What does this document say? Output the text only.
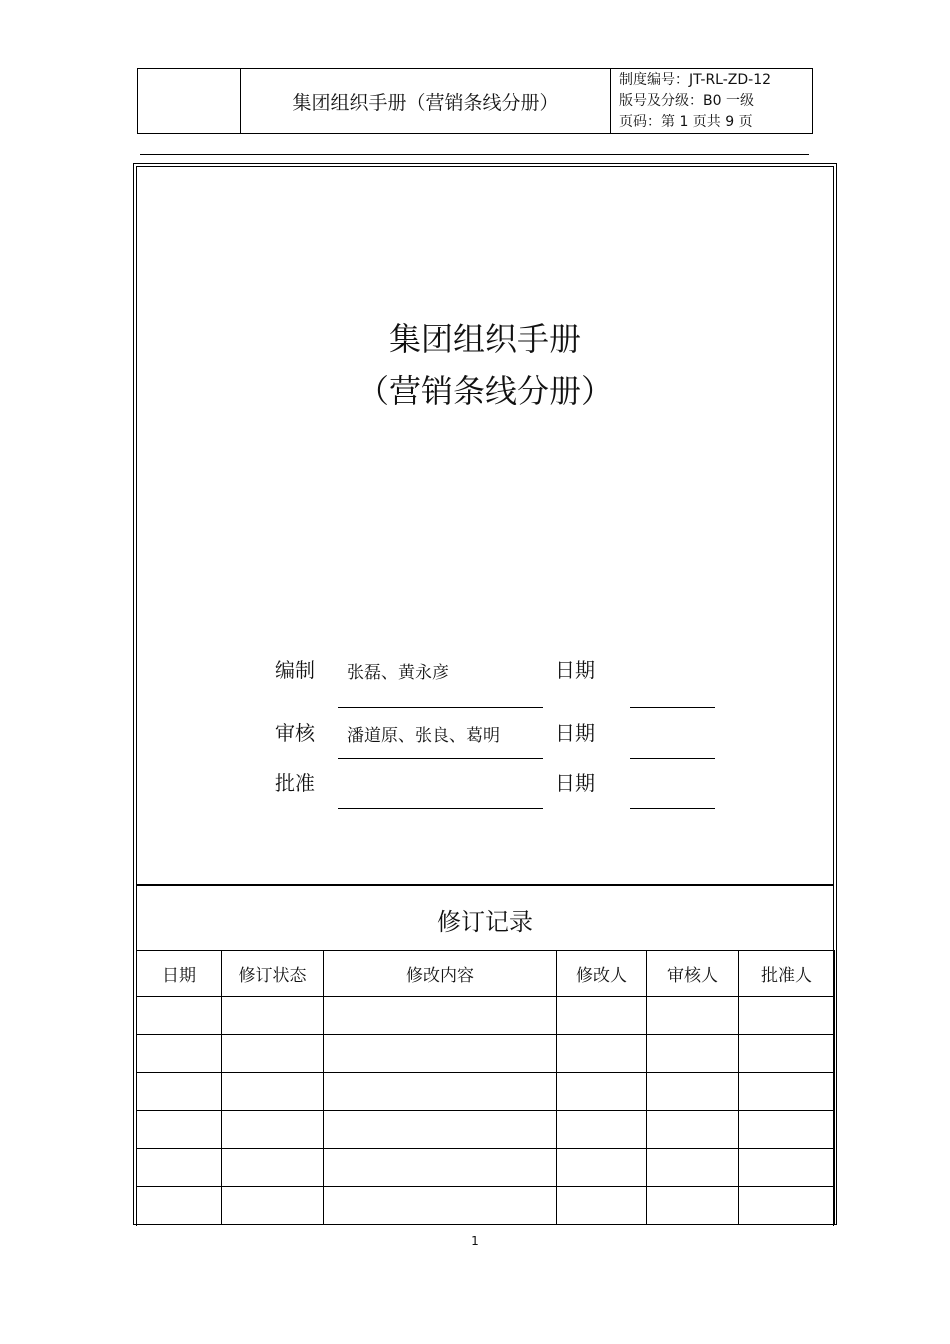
集团组织手册（营销条线分册）
制度编号：JT-RL-ZD-12
版号及分级：B0 一级
页码：第 1 页共 9 页
集团组织手册
（营销条线分册）
编制 张磊、黄永彦	日期
审核 潘道原、张良、葛明	日期
批准	日期
修订记录
日期	修订状态	修改内容	修改人	审核人	批准人

1
